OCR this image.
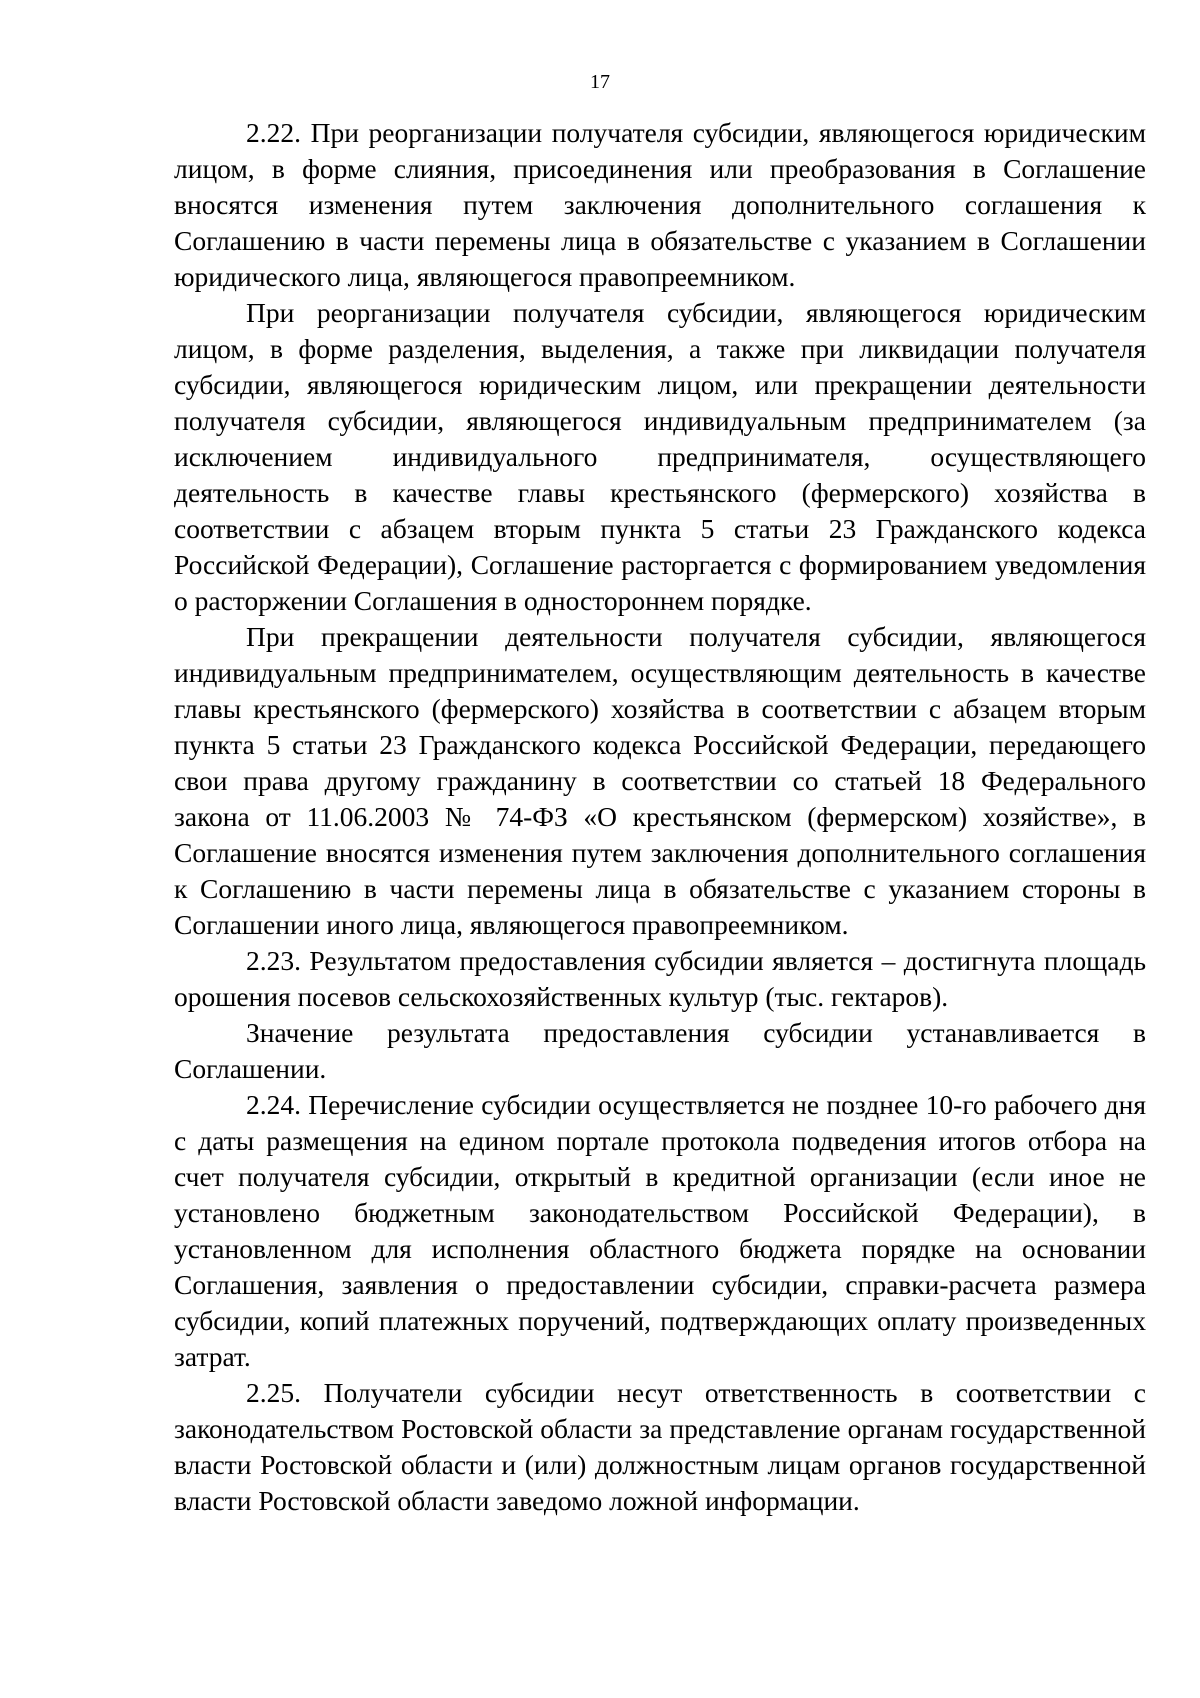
17

2.22. При реорганизации получателя субсидии, являющегося юридическим лицом, в форме слияния, присоединения или преобразования в Соглашение вносятся изменения путем заключения дополнительного соглашения к Соглашению в части перемены лица в обязательстве с указанием в Соглашении юридического лица, являющегося правопреемником.

При реорганизации получателя субсидии, являющегося юридическим лицом, в форме разделения, выделения, а также при ликвидации получателя субсидии, являющегося юридическим лицом, или прекращении деятельности получателя субсидии, являющегося индивидуальным предпринимателем (за исключением индивидуального предпринимателя, осуществляющего деятельность в качестве главы крестьянского (фермерского) хозяйства в соответствии с абзацем вторым пункта 5 статьи 23 Гражданского кодекса Российской Федерации), Соглашение расторгается с формированием уведомления о расторжении Соглашения в одностороннем порядке.

При прекращении деятельности получателя субсидии, являющегося индивидуальным предпринимателем, осуществляющим деятельность в качестве главы крестьянского (фермерского) хозяйства в соответствии с абзацем вторым пункта 5 статьи 23 Гражданского кодекса Российской Федерации, передающего свои права другому гражданину в соответствии со статьей 18 Федерального закона от 11.06.2003 № 74-ФЗ «О крестьянском (фермерском) хозяйстве», в Соглашение вносятся изменения путем заключения дополнительного соглашения к Соглашению в части перемены лица в обязательстве с указанием стороны в Соглашении иного лица, являющегося правопреемником.

2.23. Результатом предоставления субсидии является – достигнута площадь орошения посевов сельскохозяйственных культур (тыс. гектаров).

Значение результата предоставления субсидии устанавливается в Соглашении.

2.24. Перечисление субсидии осуществляется не позднее 10-го рабочего дня с даты размещения на едином портале протокола подведения итогов отбора на счет получателя субсидии, открытый в кредитной организации (если иное не установлено бюджетным законодательством Российской Федерации), в установленном для исполнения областного бюджета порядке на основании Соглашения, заявления о предоставлении субсидии, справки-расчета размера субсидии, копий платежных поручений, подтверждающих оплату произведенных затрат.

2.25. Получатели субсидии несут ответственность в соответствии с законодательством Ростовской области за представление органам государственной власти Ростовской области и (или) должностным лицам органов государственной власти Ростовской области заведомо ложной информации.
